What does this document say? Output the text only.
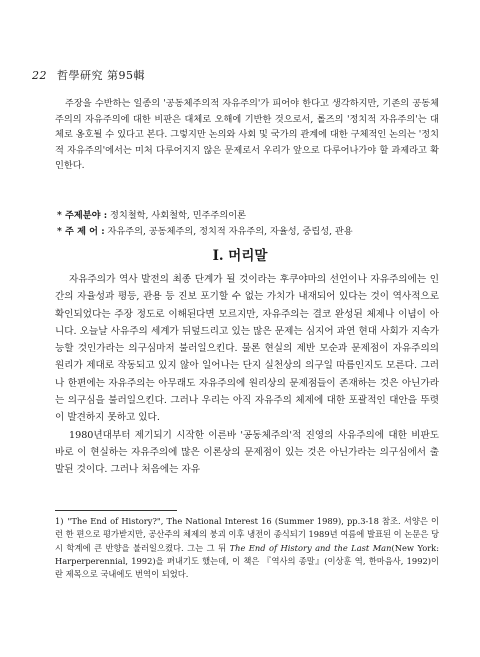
22 哲學研究 第95輯

주장을 수반하는 일종의 '공동체주의적 자유주의'가 피어야 한다고 생각하지만, 기존의 공동체주의의 자유주의에 대한 비판은 대체로 오해에 기반한 것으로서, 롤즈의 '정치적 자유주의'는 대체로 옹호될 수 있다고 본다. 그렇지만 논의와 사회 및 국가의 관계에 대한 구체적인 논의는 '정치적 자유주의'에서는 미처 다루어지지 않은 문제로서 우리가 앞으로 다루어나가야 할 과제라고 확인한다.

* 주제분야 : 정치철학, 사회철학, 민주주의이론
* 주 제 어 : 자유주의, 공동체주의, 정치적 자유주의, 자율성, 중립성, 관용
I. 머리말

자유주의가 역사 발전의 최종 단계가 될 것이라는 후쿠야마의 선언이나 자유주의에는 인간의 자율성과 평등, 관용 등 진보 포기할 수 없는 가치가 내재되어 있다는 것이 역사적으로 확인되었다는 주장 정도로 이해된다면 모르지만, 자유주의는 결코 완성된 체제나 이념이 아니다. 오늘날 사유주의 세계가 뒤덮드리고 있는 많은 문제는 심지어 과연 현대 사회가 지속가능할 것인가라는 의구심마저 불러일으킨다. 물론 현실의 제반 모순과 문제점이 자유주의의 원리가 제대로 작동되고 있지 않아 일어나는 단지 실천상의 의구일 따름인지도 모른다. 그러나 한편에는 자유주의는 아무래도 자유주의에 원리상의 문제점들이 존재하는 것은 아닌가라는 의구심을 불러일으킨다. 그러나 우리는 아직 자유주의 체제에 대한 포괄적인 대안을 뚜렷이 발견하지 못하고 있다.

1980년대부터 제기되기 시작한 이른바 '공동체주의'적 진영의 사유주의에 대한 비판도 바로 이 현실하는 자유주의에 많은 이론상의 문제점이 있는 것은 아닌가라는 의구심에서 출발된 것이다. 그러나 처음에는 자유

1) "The End of History?", The National Interest 16 (Summer 1989), pp.3-18 참조. 서양은 이런 한 편으로 평가받지만, 공산주의 체제의 붕괴 이후 냉전이 종식되기 1989년 여름에 발표된 이 논문은 당시 학계에 큰 반향을 불러일으켰다. 그는 그 뒤 The End of History and the Last Man(New York: Harperperennial, 1992)을 펴내기도 했는데, 이 책은 『역사의 종말』(이상훈 역, 한마음사, 1992)이란 제목으로 국내에도 번역이 되었다.
